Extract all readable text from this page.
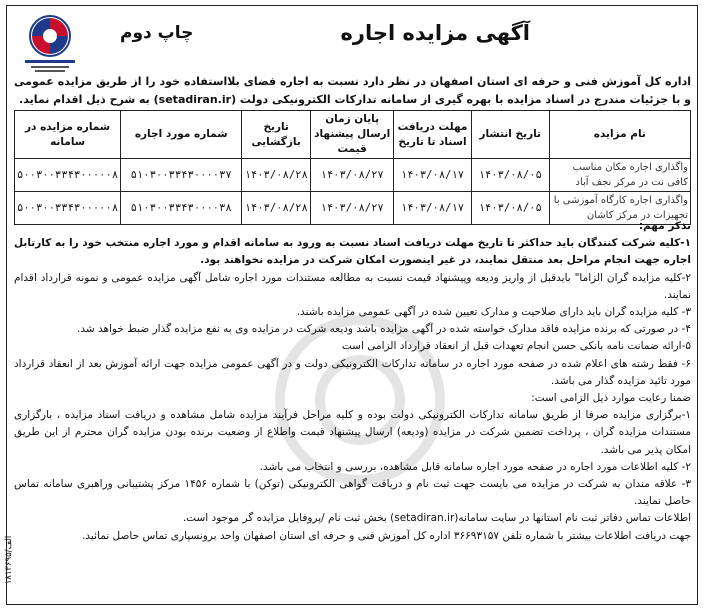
آگهی مزایده اجاره
چاپ دوم
اداره کل آموزش فنی و حرفه ای استان اصفهان در نظر دارد نسبت به اجاره فضای بلااستفاده خود را از طریق مزایده عمومی و با جزئیات مندرج در اسناد مزایده با بهره گیری از سامانه تدارکات الکترونیکی دولت (setadiran.ir) به شرح ذیل اقدام نماید.
نام مزایده	تاریخ انتشار	مهلت دریافت اسناد تا تاریخ	پایان زمان ارسال پیشنهاد قیمت	تاریخ بازگشایی	شماره مورد اجاره	شماره مزایده در سامانه
واگذاری اجاره مکان مناسب کافی نت در مرکز نجف آباد	۱۴۰۳/۰۸/۰۵	۱۴۰۳/۰۸/۱۷	۱۴۰۳/۰۸/۲۷	۱۴۰۳/۰۸/۲۸	۵۱۰۳۰۰۳۳۴۳۰۰۰۰۳۷	۵۰۰۳۰۰۳۳۴۳۰۰۰۰۰۸
واگذاری اجاره کارگاه آموزشی با تجهیزات در مرکز کاشان	۱۴۰۳/۰۸/۰۵	۱۴۰۳/۰۸/۱۷	۱۴۰۳/۰۸/۲۷	۱۴۰۳/۰۸/۲۸	۵۱۰۳۰۰۳۳۴۳۰۰۰۰۳۸	۵۰۰۳۰۰۳۳۴۳۰۰۰۰۰۸

تذکر مهم:

۱-کلیه شرکت کنندگان باید حداکثر تا تاریخ مهلت دریافت اسناد نسبت به ورود به سامانه اقدام و مورد اجاره منتخب خود را به کارتابل اجاره جهت انجام مراحل بعد منتقل نمایند، در غیر اینصورت امکان شرکت در مزایده نخواهند بود.

۲-کلیه مزایده گران الزاما" بایدقبل از واریز ودیعه وپیشنهاد قیمت نسبت به مطالعه مستندات مورد اجاره شامل آگهی مزایده عمومی و نمونه قرارداد اقدام نمایند.

۳- کلیه مزایده گران باید دارای صلاحیت و مدارک تعیین شده در آگهی عمومی مزایده باشند.

۴- در صورتی که برنده مزایده فاقد مدارک خواسته شده در آگهی مزایده باشد ودیعه شرکت در مزایده وی به نفع مزایده گذار ضبط خواهد شد.

۵-ارائه ضمانت نامه بانکی حسن انجام تعهدات قبل از انعقاد قرارداد الزامی است

۶- فقط رشته های اعلام شده در صفحه مورد اجاره در سامانه تدارکات الکترونیکی دولت و در آگهی عمومی مزایده جهت ارائه آموزش بعد از انعقاد قرارداد مورد تائید مزایده گذار می باشد.

ضمنا رعایت موارد ذیل الزامی است:

۱-برگزاری مزایده صرفا از طریق سامانه تدارکات الکترونیکی دولت بوده و کلیه مراحل فرآیند مزایده شامل مشاهده و دریافت اسناد مزایده ، بارگزاری مستندات مزایده گران ، پرداخت تضمین شرکت در مزایده (ودیعه) ارسال پیشنهاد قیمت واطلاع از وضعیت برنده بودن مزایده گران محترم از این طریق امکان پذیر می باشد.

۲- کلیه اطلاعات مورد اجاره در صفحه مورد اجاره سامانه قابل مشاهده، بررسی و انتخاب می باشد.

۳- علاقه مندان به شرکت در مزایده می بایست جهت ثبت نام و دریافت گواهی الکترونیکی (توکن) با شماره ۱۴۵۶ مرکز پشتیبانی وراهبری سامانه تماس حاصل نمایند.

اطلاعات تماس دفاتر ثبت نام استانها در سایت سامانه(setadiran.ir) بخش ثبت نام /پروفایل مزایده گر موجود است.

جهت دریافت اطلاعات بیشتر با شماره تلفن ۳۶۶۹۳۱۵۷ اداره کل آموزش فنی و حرفه ای استان اصفهان واحد برونسپاری تماس حاصل نمائید.

۱۸۱۳۶۹۵/الف
